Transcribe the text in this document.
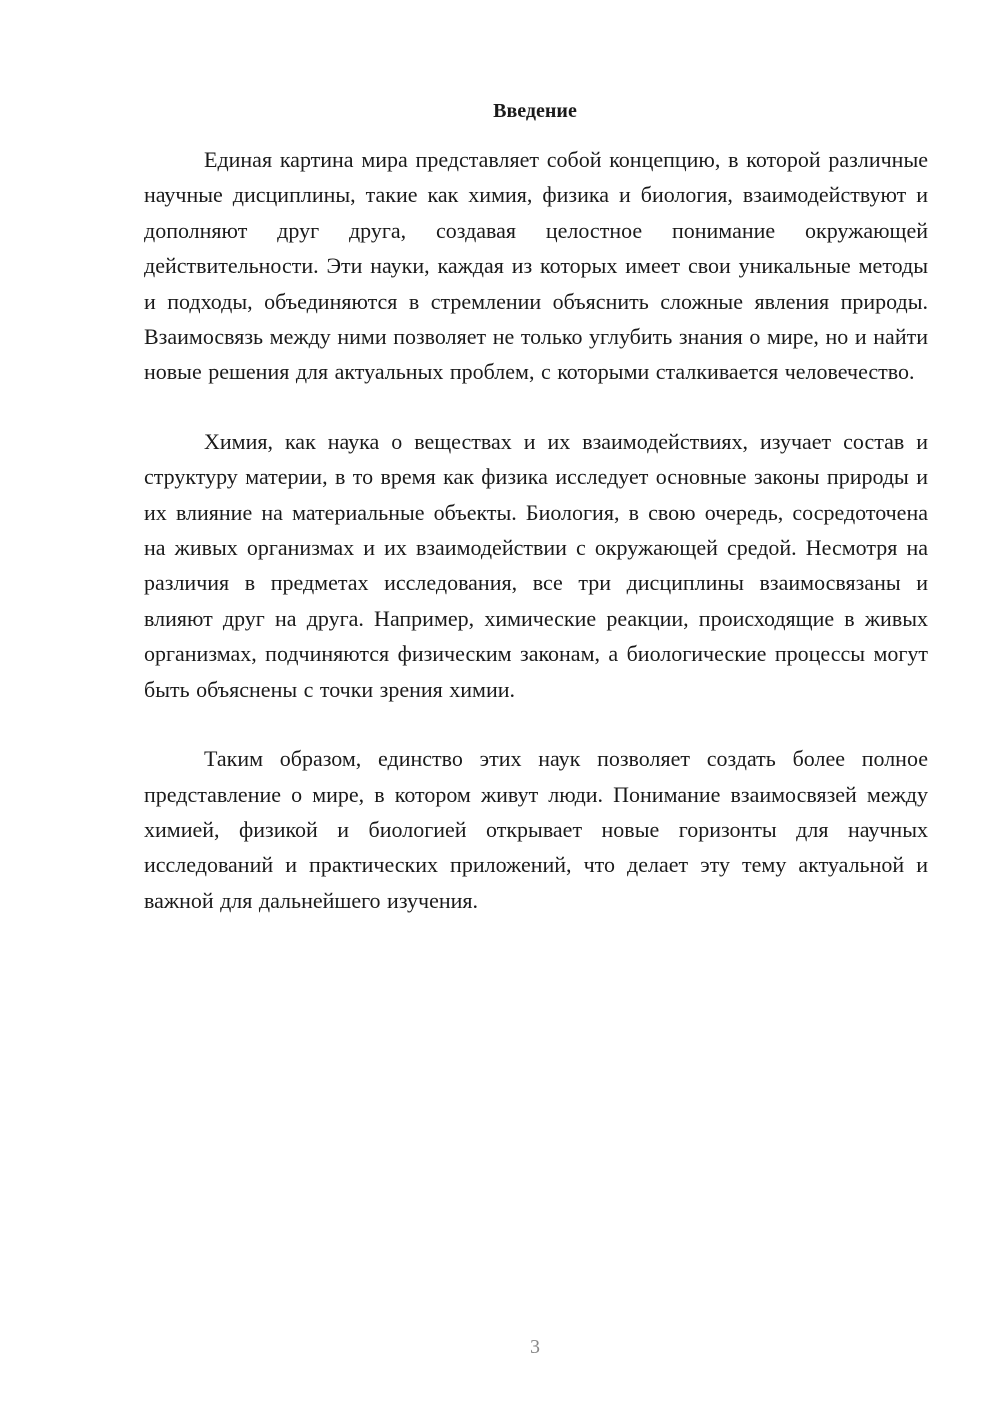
Введение

Единая картина мира представляет собой концепцию, в которой различные научные дисциплины, такие как химия, физика и биология, взаимодействуют и дополняют друг друга, создавая целостное понимание окружающей действительности. Эти науки, каждая из которых имеет свои уникальные методы и подходы, объединяются в стремлении объяснить сложные явления природы. Взаимосвязь между ними позволяет не только углубить знания о мире, но и найти новые решения для актуальных проблем, с которыми сталкивается человечество.

Химия, как наука о веществах и их взаимодействиях, изучает состав и структуру материи, в то время как физика исследует основные законы природы и их влияние на материальные объекты. Биология, в свою очередь, сосредоточена на живых организмах и их взаимодействии с окружающей средой. Несмотря на различия в предметах исследования, все три дисциплины взаимосвязаны и влияют друг на друга. Например, химические реакции, происходящие в живых организмах, подчиняются физическим законам, а биологические процессы могут быть объяснены с точки зрения химии.

Таким образом, единство этих наук позволяет создать более полное представление о мире, в котором живут люди. Понимание взаимосвязей между химией, физикой и биологией открывает новые горизонты для научных исследований и практических приложений, что делает эту тему актуальной и важной для дальнейшего изучения.

3
